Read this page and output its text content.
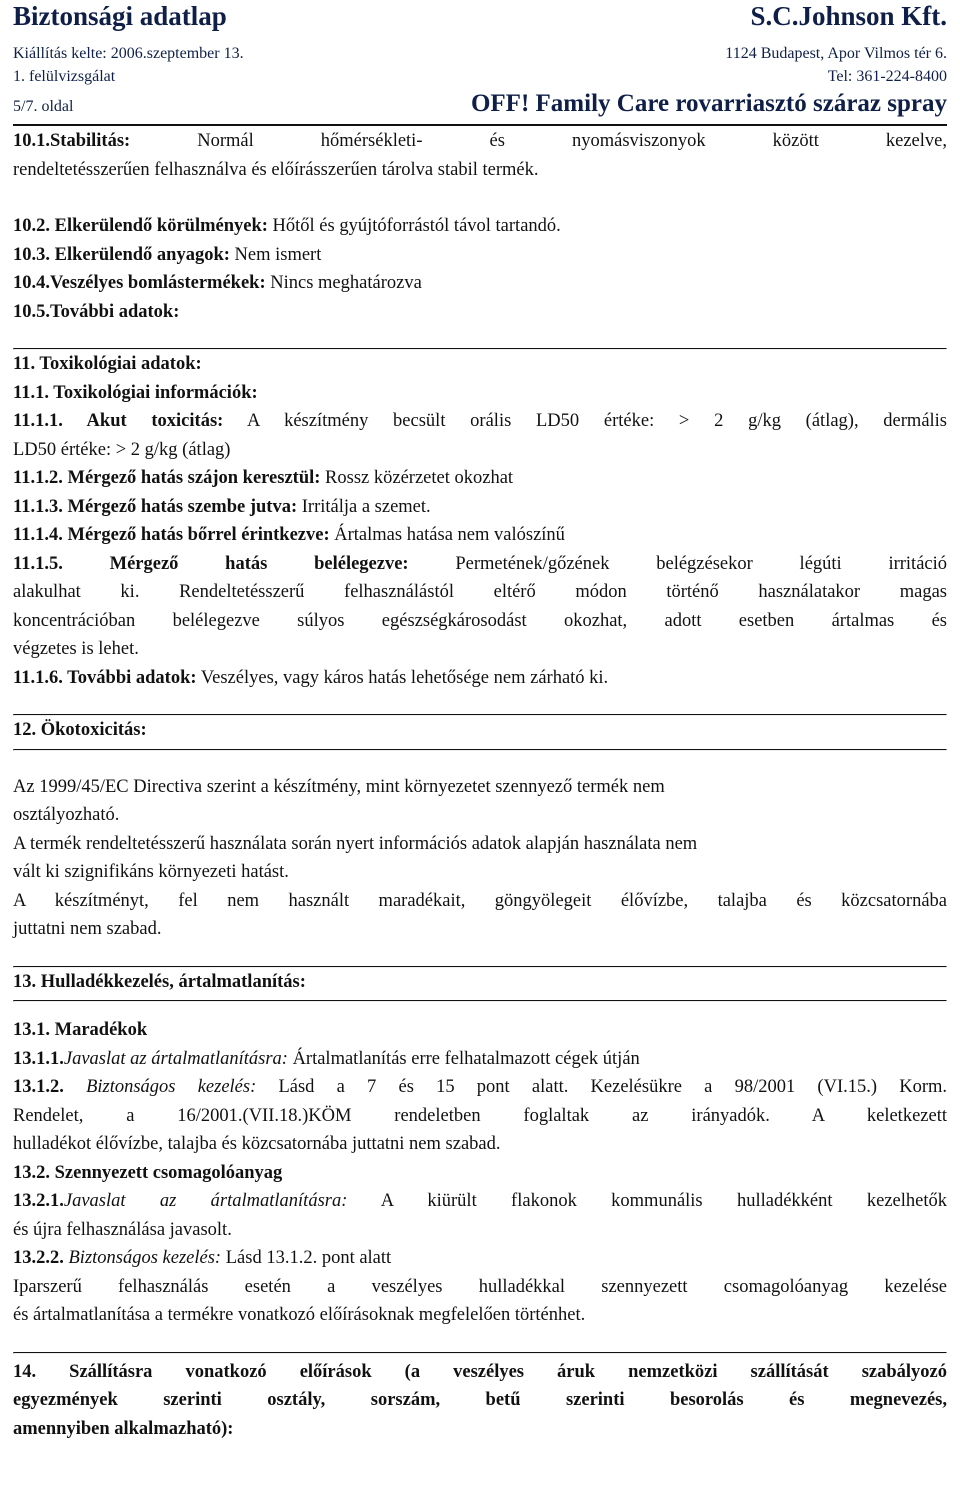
Biztonsági adatlap	S.C.Johnson Kft.
Kiállítás kelte: 2006.szeptember 13.	1124 Budapest, Apor Vilmos tér 6.
1. felülvizsgálat	Tel: 361-224-8400
5/7. oldal	OFF! Family Care rovarriasztó száraz spray

10.1.Stabilitás: Normál hőmérsékleti- és nyomásviszonyok között kezelve,

rendeltetésszerűen felhasználva és előírásszerűen tárolva stabil termék.

10.2. Elkerülendő körülmények: Hőtől és gyújtóforrástól távol tartandó.

10.3. Elkerülendő anyagok: Nem ismert

10.4.Veszélyes bomlástermékek: Nincs meghatározva

10.5.További adatok:

11. Toxikológiai adatok:

11.1. Toxikológiai információk:

11.1.1. Akut toxicitás: A készítmény becsült orális LD50 értéke: > 2 g/kg (átlag), dermális

LD50 értéke: > 2 g/kg (átlag)

11.1.2. Mérgező hatás szájon keresztül: Rossz közérzetet okozhat

11.1.3. Mérgező hatás szembe jutva: Irritálja a szemet.

11.1.4. Mérgező hatás bőrrel érintkezve: Ártalmas hatása nem valószínű

11.1.5. Mérgező hatás belélegezve: Permetének/gőzének belégzésekor légúti irritáció

alakulhat ki. Rendeltetésszerű felhasználástól eltérő módon történő használatakor magas

koncentrációban belélegezve súlyos egészségkárosodást okozhat, adott esetben ártalmas és

végzetes is lehet.

11.1.6. További adatok: Veszélyes, vagy káros hatás lehetősége nem zárható ki.

12. Ökotoxicitás:

Az 1999/45/EC Directiva szerint a készítmény, mint környezetet szennyező termék nem

osztályozható.

A termék rendeltetésszerű használata során nyert információs adatok alapján használata nem

vált ki szignifikáns környezeti hatást.

A készítményt, fel nem használt maradékait, göngyölegeit élővízbe, talajba és közcsatornába

juttatni nem szabad.

13. Hulladékkezelés, ártalmatlanítás:

13.1. Maradékok

13.1.1.Javaslat az ártalmatlanításra: Ártalmatlanítás erre felhatalmazott cégek útján

13.1.2. Biztonságos kezelés: Lásd a 7 és 15 pont alatt. Kezelésükre a 98/2001 (VI.15.) Korm.

Rendelet, a 16/2001.(VII.18.)KÖM rendeletben foglaltak az irányadók. A keletkezett

hulladékot élővízbe, talajba és közcsatornába juttatni nem szabad.

13.2. Szennyezett csomagolóanyag

13.2.1.Javaslat az ártalmatlanításra: A kiürült flakonok kommunális hulladékként kezelhetők

és újra felhasználása javasolt.

13.2.2. Biztonságos kezelés: Lásd 13.1.2. pont alatt

Iparszerű felhasználás esetén a veszélyes hulladékkal szennyezett csomagolóanyag kezelése

és ártalmatlanítása a termékre vonatkozó előírásoknak megfelelően történhet.

14. Szállításra vonatkozó előírások (a veszélyes áruk nemzetközi szállítását szabályozó

egyezmények szerinti osztály, sorszám, betű szerinti besorolás és megnevezés,

amennyiben alkalmazható):
